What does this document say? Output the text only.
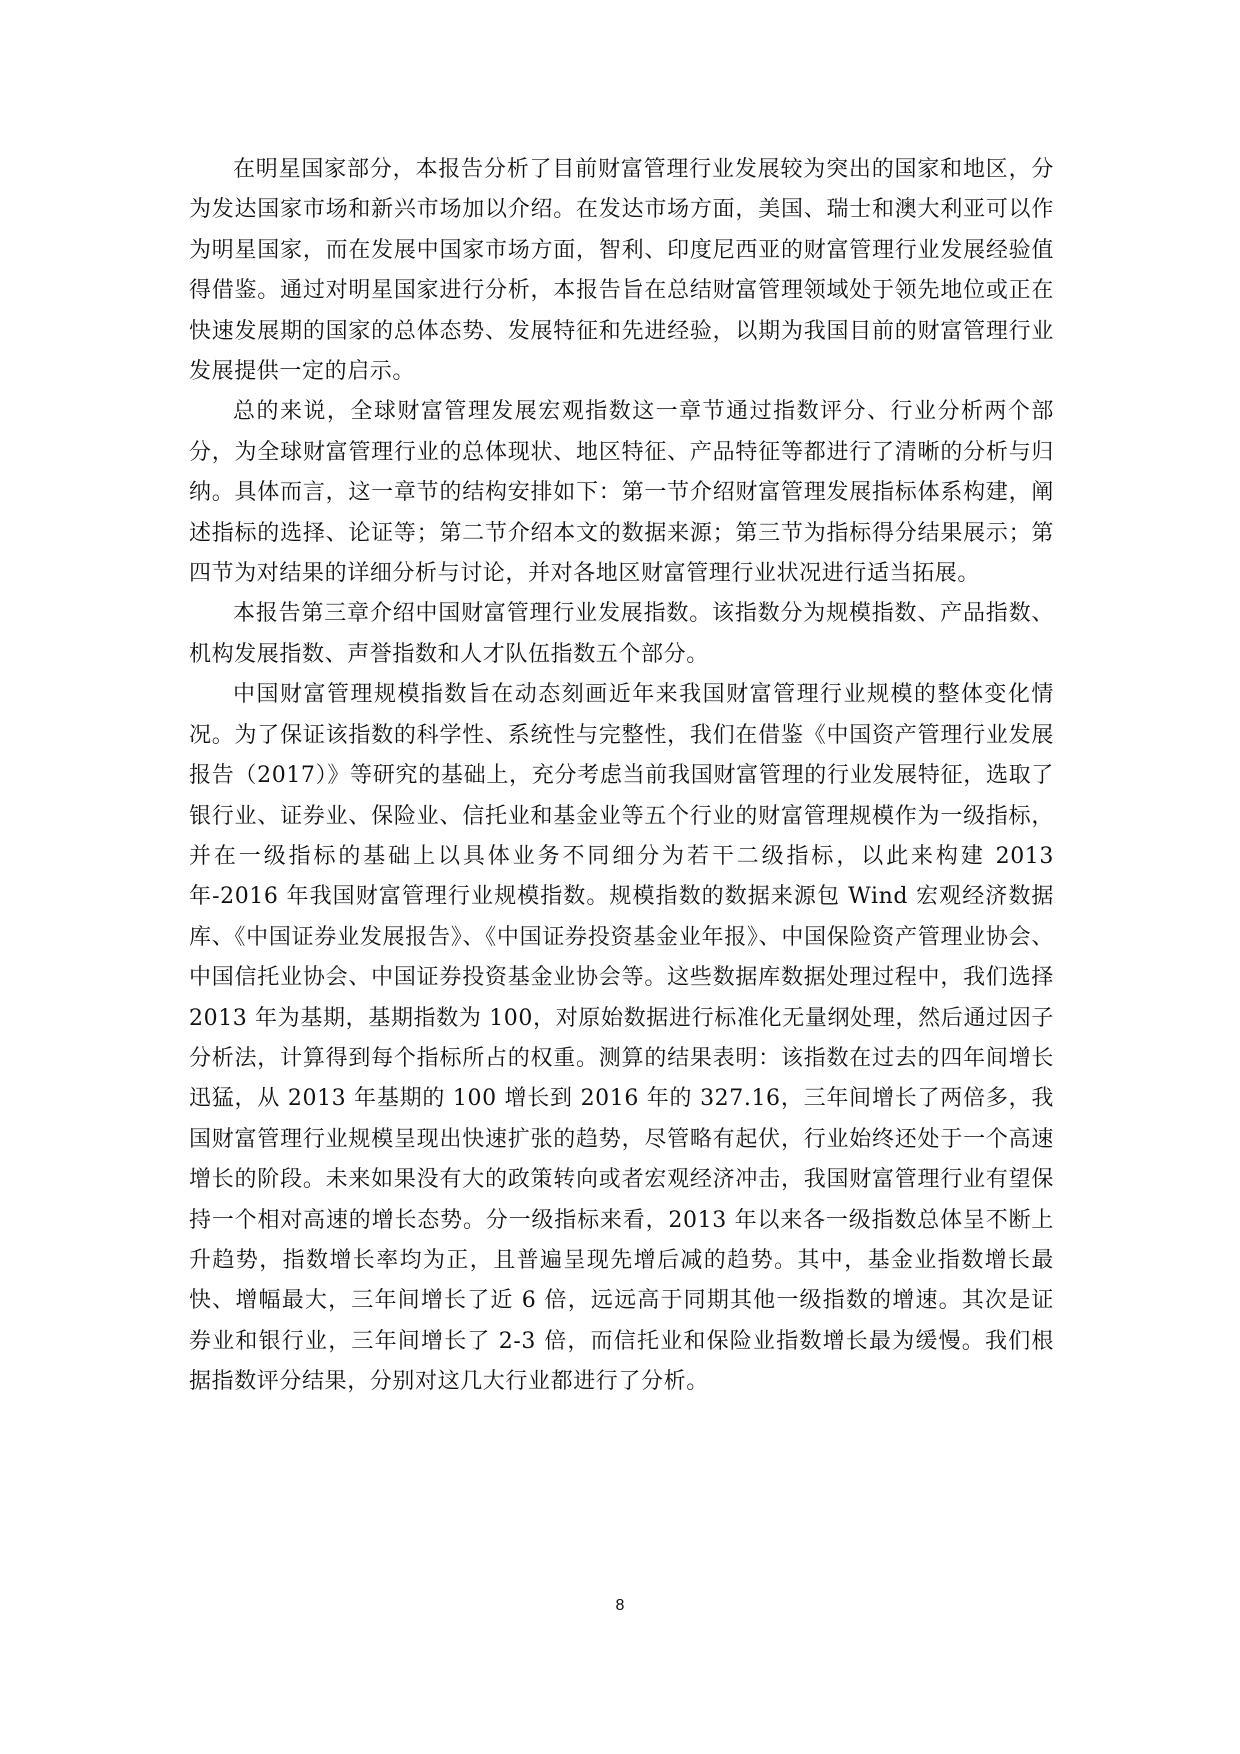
在明星国家部分，本报告分析了目前财富管理行业发展较为突出的国家和地区，分为发达国家市场和新兴市场加以介绍。在发达市场方面，美国、瑞士和澳大利亚可以作为明星国家，而在发展中国家市场方面，智利、印度尼西亚的财富管理行业发展经验值得借鉴。通过对明星国家进行分析，本报告旨在总结财富管理领域处于领先地位或正在快速发展期的国家的总体态势、发展特征和先进经验，以期为我国目前的财富管理行业发展提供一定的启示。

总的来说，全球财富管理发展宏观指数这一章节通过指数评分、行业分析两个部分，为全球财富管理行业的总体现状、地区特征、产品特征等都进行了清晰的分析与归纳。具体而言，这一章节的结构安排如下：第一节介绍财富管理发展指标体系构建，阐述指标的选择、论证等；第二节介绍本文的数据来源；第三节为指标得分结果展示；第四节为对结果的详细分析与讨论，并对各地区财富管理行业状况进行适当拓展。

本报告第三章介绍中国财富管理行业发展指数。该指数分为规模指数、产品指数、机构发展指数、声誉指数和人才队伍指数五个部分。

中国财富管理规模指数旨在动态刻画近年来我国财富管理行业规模的整体变化情况。为了保证该指数的科学性、系统性与完整性，我们在借鉴《中国资产管理行业发展报告（2017）》等研究的基础上，充分考虑当前我国财富管理的行业发展特征，选取了银行业、证券业、保险业、信托业和基金业等五个行业的财富管理规模作为一级指标，并在一级指标的基础上以具体业务不同细分为若干二级指标，以此来构建 2013 年-2016 年我国财富管理行业规模指数。规模指数的数据来源包 Wind 宏观经济数据库、《中国证券业发展报告》、《中国证券投资基金业年报》、中国保险资产管理业协会、中国信托业协会、中国证券投资基金业协会等。这些数据库数据处理过程中，我们选择 2013 年为基期，基期指数为 100，对原始数据进行标准化无量纲处理，然后通过因子分析法，计算得到每个指标所占的权重。测算的结果表明：该指数在过去的四年间增长迅猛，从 2013 年基期的 100 增长到 2016 年的 327.16，三年间增长了两倍多，我国财富管理行业规模呈现出快速扩张的趋势，尽管略有起伏，行业始终还处于一个高速增长的阶段。未来如果没有大的政策转向或者宏观经济冲击，我国财富管理行业有望保持一个相对高速的增长态势。分一级指标来看，2013 年以来各一级指数总体呈不断上升趋势，指数增长率均为正，且普遍呈现先增后减的趋势。其中，基金业指数增长最快、增幅最大，三年间增长了近 6 倍，远远高于同期其他一级指数的增速。其次是证券业和银行业，三年间增长了 2-3 倍，而信托业和保险业指数增长最为缓慢。我们根据指数评分结果，分别对这几大行业都进行了分析。

8
